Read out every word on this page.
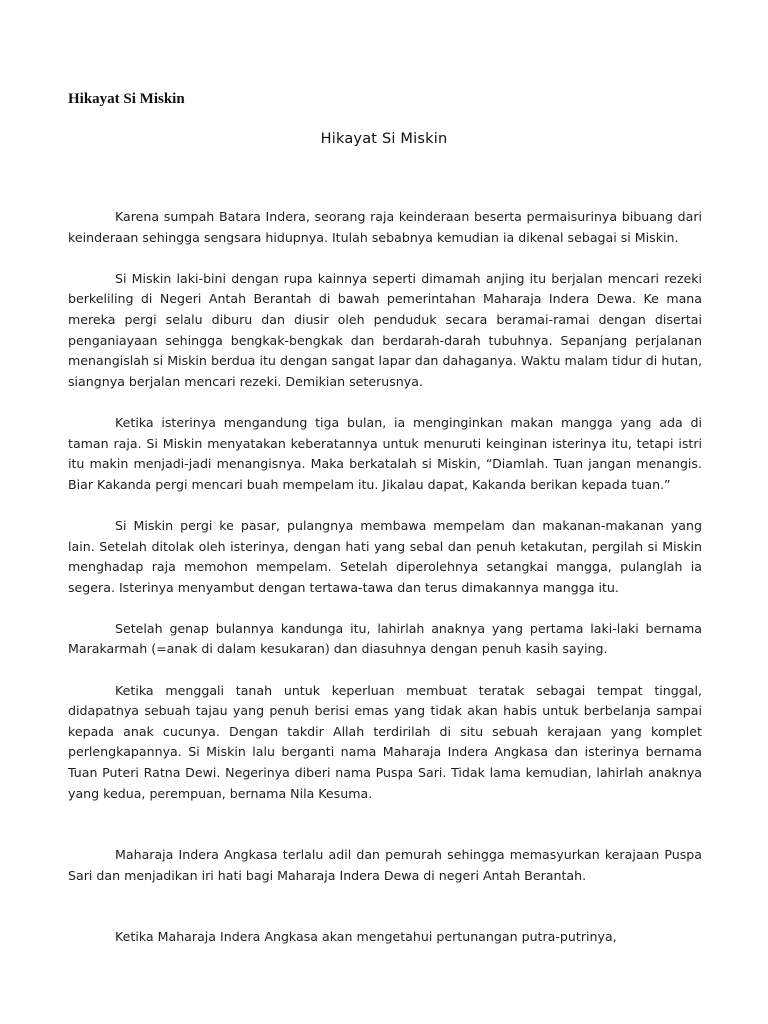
Hikayat Si Miskin
Hikayat Si Miskin

Karena sumpah Batara Indera, seorang raja keinderaan beserta permaisurinya bibuang dari keinderaan sehingga sengsara hidupnya. Itulah sebabnya kemudian ia dikenal sebagai si Miskin.

Si Miskin laki-bini dengan rupa kainnya seperti dimamah anjing itu berjalan mencari rezeki berkeliling di Negeri Antah Berantah di bawah pemerintahan Maharaja Indera Dewa. Ke mana mereka pergi selalu diburu dan diusir oleh penduduk secara beramai-ramai dengan disertai penganiayaan sehingga bengkak-bengkak dan berdarah-darah tubuhnya. Sepanjang perjalanan menangislah si Miskin berdua itu dengan sangat lapar dan dahaganya. Waktu malam tidur di hutan, siangnya berjalan mencari rezeki. Demikian seterusnya.

Ketika isterinya mengandung tiga bulan, ia menginginkan makan mangga yang ada di taman raja. Si Miskin menyatakan keberatannya untuk menuruti keinginan isterinya itu, tetapi istri itu makin menjadi-jadi menangisnya. Maka berkatalah si Miskin, “Diamlah. Tuan jangan menangis. Biar Kakanda pergi mencari buah mempelam itu. Jikalau dapat, Kakanda berikan kepada tuan.”

Si Miskin pergi ke pasar, pulangnya membawa mempelam dan makanan-makanan yang lain. Setelah ditolak oleh isterinya, dengan hati yang sebal dan penuh ketakutan, pergilah si Miskin menghadap raja memohon mempelam. Setelah diperolehnya setangkai mangga, pulanglah ia segera. Isterinya menyambut dengan tertawa-tawa dan terus dimakannya mangga itu.

Setelah genap bulannya kandunga itu, lahirlah anaknya yang pertama laki-laki bernama Marakarmah (=anak di dalam kesukaran) dan diasuhnya dengan penuh kasih saying.

Ketika menggali tanah untuk keperluan membuat teratak sebagai tempat tinggal, didapatnya sebuah tajau yang penuh berisi emas yang tidak akan habis untuk berbelanja sampai kepada anak cucunya. Dengan takdir Allah terdirilah di situ sebuah kerajaan yang komplet perlengkapannya. Si Miskin lalu berganti nama Maharaja Indera Angkasa dan isterinya bernama Tuan Puteri Ratna Dewi. Negerinya diberi nama Puspa Sari. Tidak lama kemudian, lahirlah anaknya yang kedua, perempuan, bernama Nila Kesuma.

Maharaja Indera Angkasa terlalu adil dan pemurah sehingga memasyurkan kerajaan Puspa Sari dan menjadikan iri hati bagi Maharaja Indera Dewa di negeri Antah Berantah.

Ketika Maharaja Indera Angkasa akan mengetahui pertunangan putra-putrinya,
